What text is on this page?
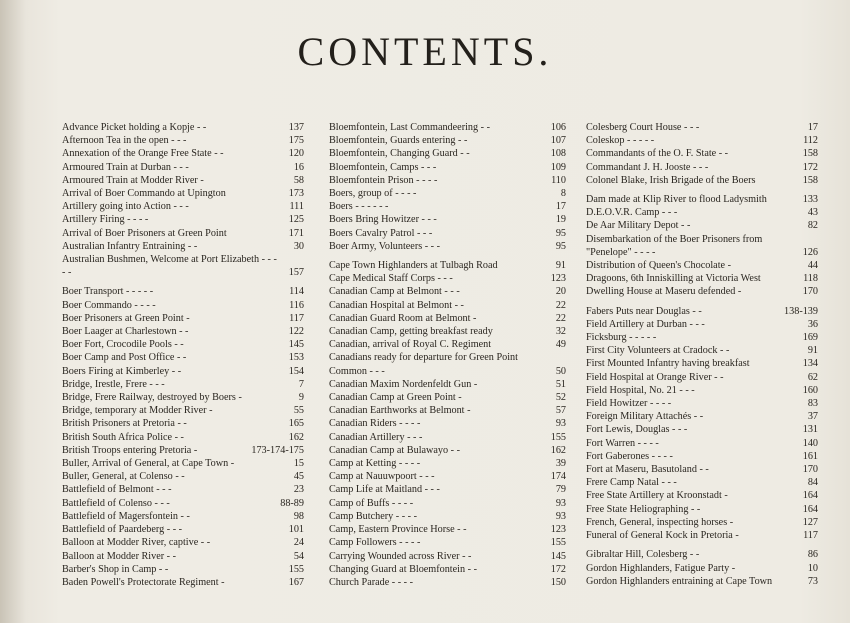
CONTENTS.
Advance Picket holding a Kopje - -	137
Afternoon Tea in the open - - -	175
Annexation of the Orange Free State - -	120
Armoured Train at Durban - - -	16
Armoured Train at Modder River -	58
Arrival of Boer Commando at Upington	173
Artillery going into Action - - -	111
Artillery Firing - - - -	125
Arrival of Boer Prisoners at Green Point	171
Australian Infantry Entraining - -	30
Australian Bushmen, Welcome at Port Elizabeth - - - - -	157
Boer Transport - - - - -	114
Boer Commando - - - -	116
Boer Prisoners at Green Point -	117
Boer Laager at Charlestown - -	122
Boer Fort, Crocodile Pools - -	145
Boer Camp and Post Office - -	153
Boers Firing at Kimberley - -	154
Bridge, Irestle, Frere - - -	7
Bridge, Frere Railway, destroyed by Boers -	9
Bridge, temporary at Modder River -	55
British Prisoners at Pretoria - -	165
British South Africa Police - -	162
British Troops entering Pretoria -	173-174-175
Buller, Arrival of General, at Cape Town -	15
Buller, General, at Colenso - -	45
Battlefield of Belmont - - -	23
Battlefield of Colenso - - -	88-89
Battlefield of Magersfontein - -	98
Battlefield of Paardeberg - - -	101
Balloon at Modder River, captive - -	24
Balloon at Modder River - -	54
Barber's Shop in Camp - -	155
Baden Powell's Protectorate Regiment -	167
Bloemfontein, Last Commandeering - -	106
Bloemfontein, Guards entering - -	107
Bloemfontein, Changing Guard - -	108
Bloemfontein, Camps - - -	109
Bloemfontein Prison - - - -	110
Boers, group of - - - -	8
Boers - - - - - -	17
Boers Bring Howitzer - - -	19
Boers Cavalry Patrol - - -	95
Boer Army, Volunteers - - -	95
Cape Town Highlanders at Tulbagh Road	91
Cape Medical Staff Corps - - -	123
Canadian Camp at Belmont - - -	20
Canadian Hospital at Belmont - -	22
Canadian Guard Room at Belmont -	22
Canadian Camp, getting breakfast ready	32
Canadian, arrival of Royal C. Regiment	49
Canadians ready for departure for Green Point Common - - -	50
Canadian Maxim Nordenfeldt Gun -	51
Canadian Camp at Green Point -	52
Canadian Earthworks at Belmont -	57
Canadian Riders - - - -	93
Canadian Artillery - - -	155
Canadian Camp at Bulawayo - -	162
Camp at Ketting - - - -	39
Camp at Nauuwpoort - - -	174
Camp Life at Maitland - - -	79
Camp of Buffs - - - -	93
Camp Butchery - - - -	93
Camp, Eastern Province Horse - -	123
Camp Followers - - - -	155
Carrying Wounded across River - -	145
Changing Guard at Bloemfontein - -	172
Church Parade - - - -	150
Colesberg Court House - - -	17
Coleskop - - - - -	112
Commandants of the O. F. State - -	158
Commandant J. H. Jooste - - -	172
Colonel Blake, Irish Brigade of the Boers	158
Dam made at Klip River to flood Ladysmith	133
D.E.O.V.R. Camp - - -	43
De Aar Military Depot - -	82
Disembarkation of the Boer Prisoners from "Penelope" - - - -	126
Distribution of Queen's Chocolate -	44
Dragoons, 6th Inniskilling at Victoria West	118
Dwelling House at Maseru defended -	170
Fabers Puts near Douglas - -	138-139
Field Artillery at Durban - - -	36
Ficksburg - - - - -	169
First City Volunteers at Cradock - -	91
First Mounted Infantry having breakfast	134
Field Hospital at Orange River - -	62
Field Hospital, No. 21 - - -	160
Field Howitzer - - - -	83
Foreign Military Attachés - -	37
Fort Lewis, Douglas - - -	131
Fort Warren - - - -	140
Fort Gaberones - - - -	161
Fort at Maseru, Basutoland - -	170
Frere Camp Natal - - -	84
Free State Artillery at Kroonstadt -	164
Free State Heliographing - -	164
French, General, inspecting horses -	127
Funeral of General Kock in Pretoria -	117
Gibraltar Hill, Colesberg - -	86
Gordon Highlanders, Fatigue Party -	10
Gordon Highlanders entraining at Cape Town	73
